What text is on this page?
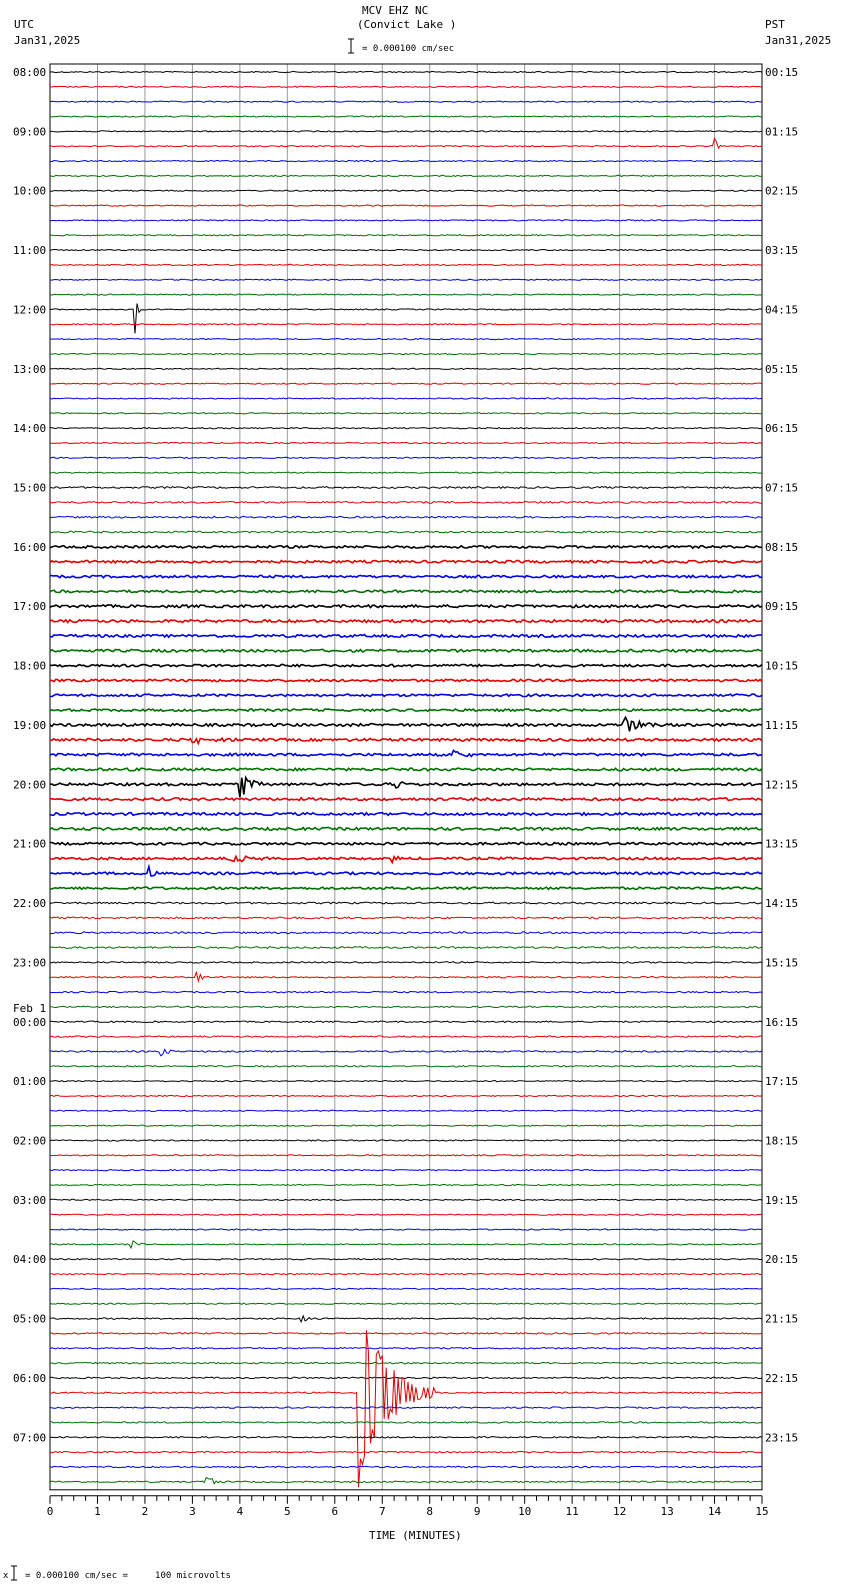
MCV EHZ NC
(Convict Lake )
UTC
Jan31,2025
PST
Jan31,2025
= 0.000100 cm/sec
TIME (MINUTES)
x = 0.000100 cm/sec =     100 microvolts
0	1	2	3	4	5	6	7	8	9	10	11	12	13	14	15
08:00	00:15
09:00	01:15
10:00	02:15
11:00	03:15
12:00	04:15
13:00	05:15
14:00	06:15
15:00	07:15
16:00	08:15
17:00	09:15
18:00	10:15
19:00	11:15
20:00	12:15
21:00	13:15
22:00	14:15
23:00	15:15
00:00	16:15
Feb 1
01:00	17:15
02:00	18:15
03:00	19:15
04:00	20:15
05:00	21:15
06:00	22:15
07:00	23:15
